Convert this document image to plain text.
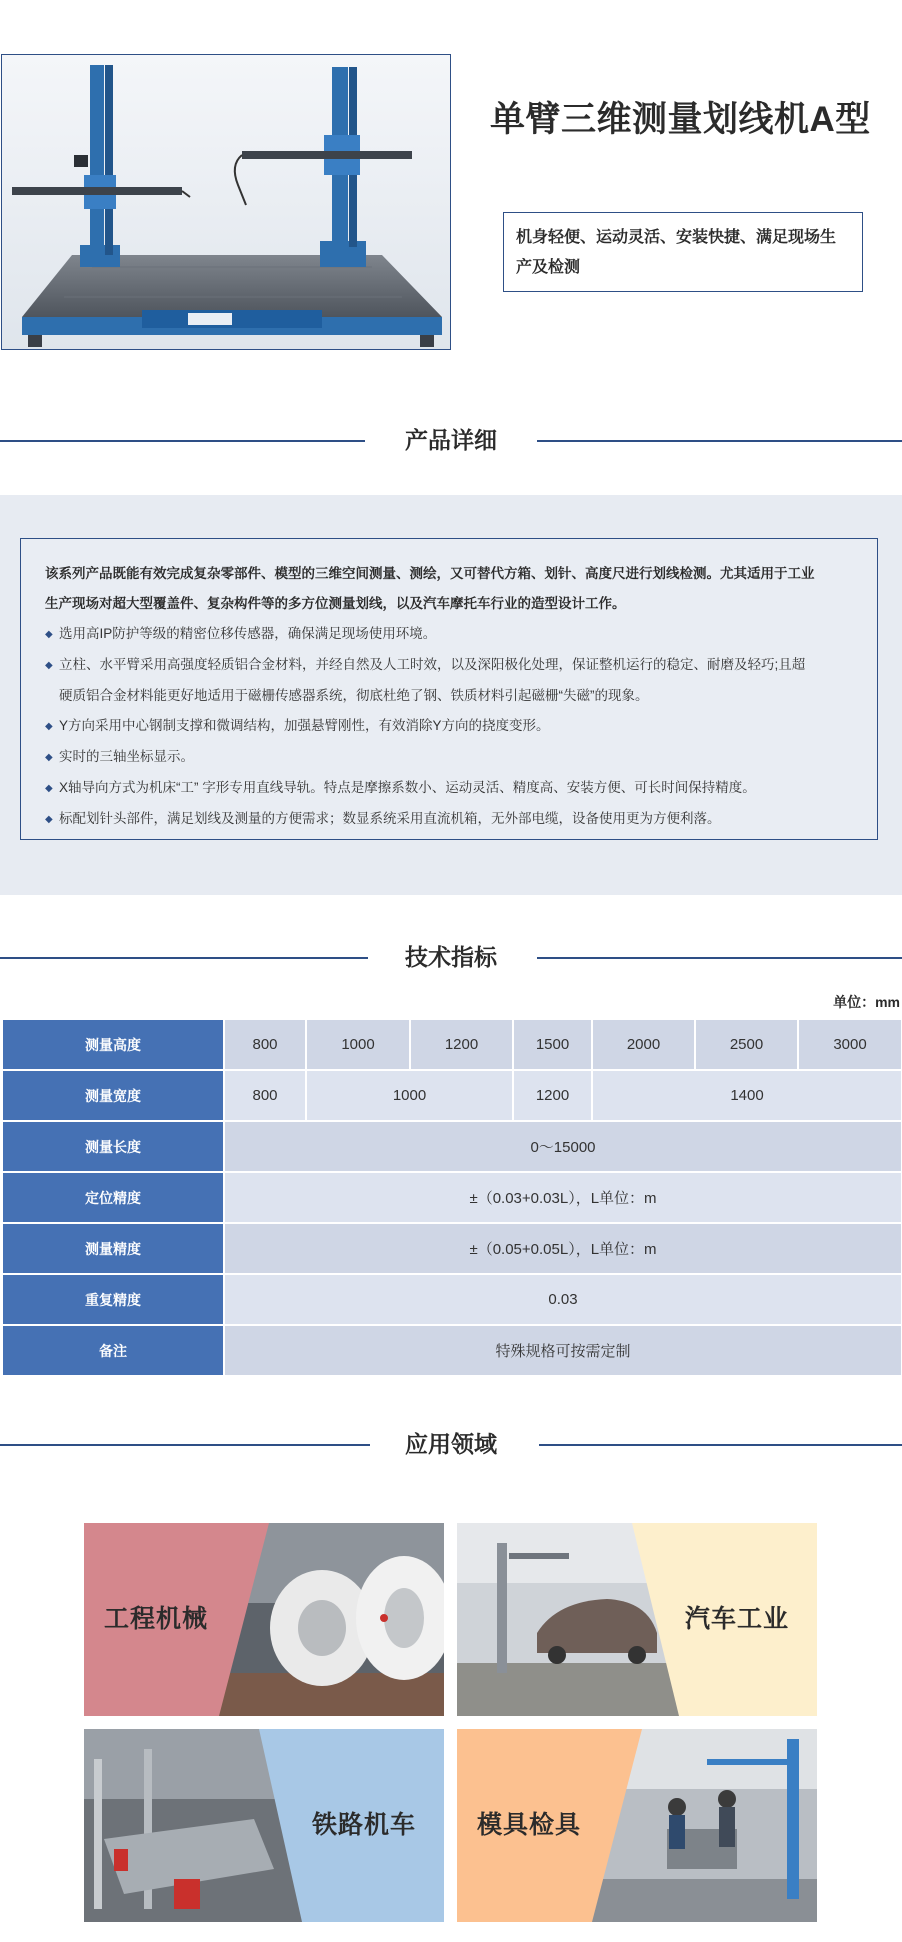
单臂三维测量划线机A型
机身轻便、运动灵活、安装快捷、满足现场生产及检测
产品详细
该系列产品既能有效完成复杂零部件、模型的三维空间测量、测绘，又可替代方箱、划针、高度尺进行划线检测。尤其适用于工业
生产现场对超大型覆盖件、复杂构件等的多方位测量划线，以及汽车摩托车行业的造型设计工作。
◆ 选用高IP防护等级的精密位移传感器，确保满足现场使用环境。
◆ 立柱、水平臂采用高强度轻质铝合金材料，并经自然及人工时效，以及深阳极化处理，保证整机运行的稳定、耐磨及轻巧;且超
硬质铝合金材料能更好地适用于磁栅传感器系统，彻底杜绝了钢、铁质材料引起磁栅“失磁”的现象。
◆ Y方向采用中心钢制支撑和微调结构，加强悬臂刚性，有效消除Y方向的挠度变形。
◆ 实时的三轴坐标显示。
◆ X轴导向方式为机床“工” 字形专用直线导轨。特点是摩擦系数小、运动灵活、精度高、安装方便、可长时间保持精度。
◆ 标配划针头部件，满足划线及测量的方便需求；数显系统采用直流机箱，无外部电缆，设备使用更为方便利落。
技术指标
单位：mm
测量高度	800	1000	1200	1500	2000	2500	3000
测量宽度	800	1000		1200	1400		
测量长度	0～15000						
定位精度	±（0.03+0.03L），L单位：m						
测量精度	±（0.05+0.05L），L单位：m						
重复精度	0.03						
备注	特殊规格可按需定制						
应用领域
工程机械	汽车工业
铁路机车 模具检具
